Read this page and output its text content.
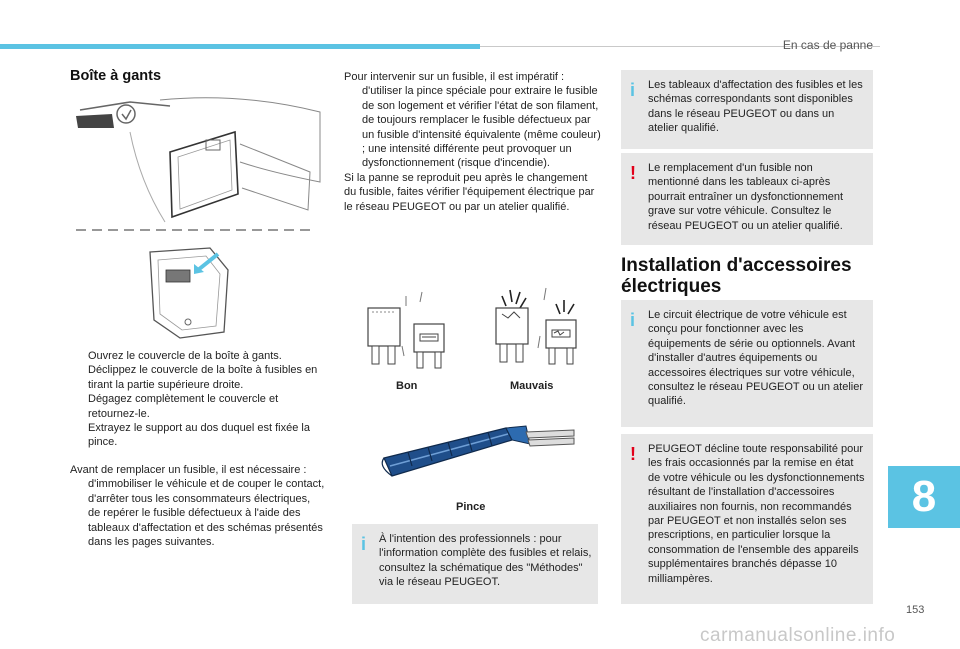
En cas de panne
Boîte à gants
Ouvrez le couvercle de la boîte à gants.
Déclippez le couvercle de la boîte à fusibles en tirant la partie supérieure droite.
Dégagez complètement le couvercle et retournez-le.
Extrayez le support au dos duquel est fixée la pince.

Avant de remplacer un fusible, il est nécessaire :

d'immobiliser le véhicule et de couper le contact,
d'arrêter tous les consommateurs électriques,
de repérer le fusible défectueux à l'aide des tableaux d'affectation et des schémas présentés dans les pages suivantes.

Pour intervenir sur un fusible, il est impératif :

d'utiliser la pince spéciale pour extraire le fusible de son logement et vérifier l'état de son filament,
de toujours remplacer le fusible défectueux par un fusible d'intensité équivalente (même couleur) ; une intensité différente peut provoquer un dysfonctionnement (risque d'incendie).

Si la panne se reproduit peu après le changement du fusible, faites vérifier l'équipement électrique par le réseau PEUGEOT ou par un atelier qualifié.

Bon	Mauvais
Pince
i À l'intention des professionnels : pour l'information complète des fusibles et relais, consultez la schématique des "Méthodes" via le réseau PEUGEOT.
i Les tableaux d'affectation des fusibles et les schémas correspondants sont disponibles dans le réseau PEUGEOT ou dans un atelier qualifié.
! Le remplacement d'un fusible non mentionné dans les tableaux ci-après pourrait entraîner un dysfonctionnement grave sur votre véhicule. Consultez le réseau PEUGEOT ou un atelier qualifié.
Installation d'accessoires électriques
i Le circuit électrique de votre véhicule est conçu pour fonctionner avec les équipements de série ou optionnels. Avant d'installer d'autres équipements ou accessoires électriques sur votre véhicule, consultez le réseau PEUGEOT ou un atelier qualifié.
! PEUGEOT décline toute responsabilité pour les frais occasionnés par la remise en état de votre véhicule ou les dysfonctionnements résultant de l'installation d'accessoires auxiliaires non fournis, non recommandés par PEUGEOT et non installés selon ses prescriptions, en particulier lorsque la consommation de l'ensemble des appareils supplémentaires branchés dépasse 10 milliampères.
8
153
carmanualsonline.info
